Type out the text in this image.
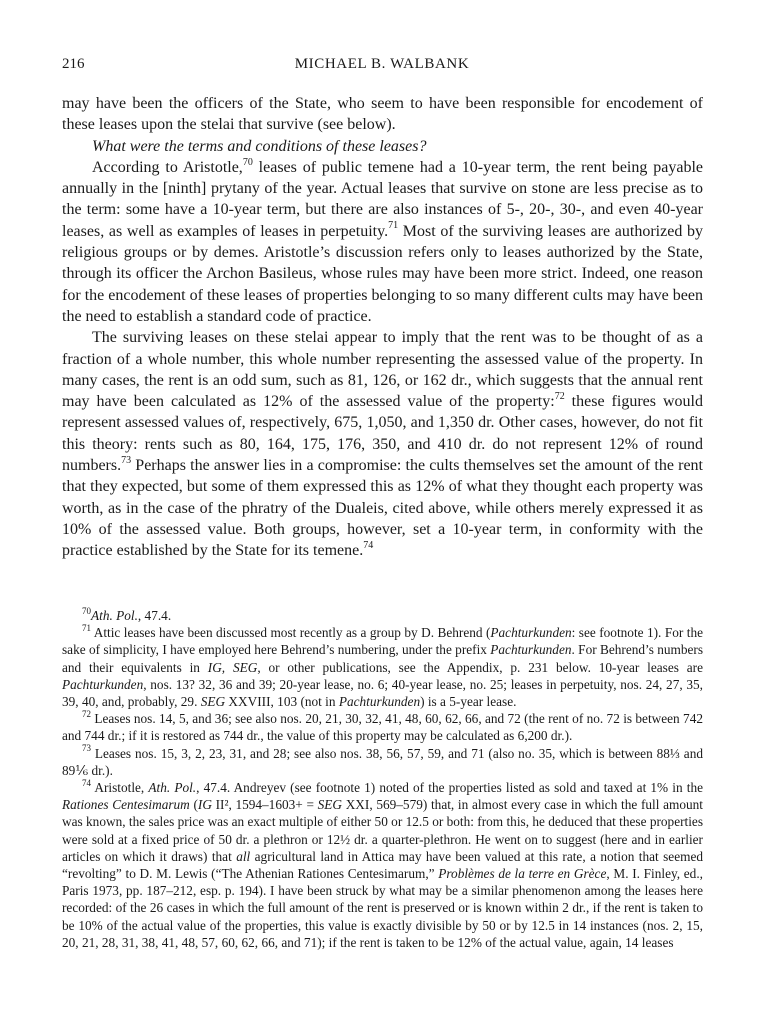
216	MICHAEL B. WALBANK

may have been the officers of the State, who seem to have been responsible for encodement of these leases upon the stelai that survive (see below).

What were the terms and conditions of these leases?

According to Aristotle,$^{70}$ leases of public temene had a 10-year term, the rent being payable annually in the [ninth] prytany of the year. Actual leases that survive on stone are less precise as to the term: some have a 10-year term, but there are also instances of 5-, 20-, 30-, and even 40-year leases, as well as examples of leases in perpetuity.$^{71}$ Most of the surviving leases are authorized by religious groups or by demes. Aristotle’s discussion refers only to leases authorized by the State, through its officer the Archon Basileus, whose rules may have been more strict. Indeed, one reason for the encodement of these leases of properties belonging to so many different cults may have been the need to establish a standard code of practice.

The surviving leases on these stelai appear to imply that the rent was to be thought of as a fraction of a whole number, this whole number representing the assessed value of the property. In many cases, the rent is an odd sum, such as 81, 126, or 162 dr., which suggests that the annual rent may have been calculated as 12% of the assessed value of the property:$^{72}$ these figures would represent assessed values of, respectively, 675, 1,050, and 1,350 dr. Other cases, however, do not fit this theory: rents such as 80, 164, 175, 176, 350, and 410 dr. do not represent 12% of round numbers.$^{73}$ Perhaps the answer lies in a compromise: the cults themselves set the amount of the rent that they expected, but some of them expressed this as 12% of what they thought each property was worth, as in the case of the phratry of the Dualeis, cited above, while others merely expressed it as 10% of the assessed value. Both groups, however, set a 10-year term, in conformity with the practice established by the State for its temene.$^{74}$

$^{70}$Ath. Pol., 47.4.

$^{71}$ Attic leases have been discussed most recently as a group by D. Behrend (Pachturkunden: see footnote 1). For the sake of simplicity, I have employed here Behrend’s numbering, under the prefix Pachturkunden. For Behrend’s numbers and their equivalents in IG, SEG, or other publications, see the Appendix, p. 231 below. 10-year leases are Pachturkunden, nos. 13? 32, 36 and 39; 20-year lease, no. 6; 40-year lease, no. 25; leases in perpetuity, nos. 24, 27, 35, 39, 40, and, probably, 29. SEG XXVIII, 103 (not in Pachturkunden) is a 5-year lease.

$^{72}$ Leases nos. 14, 5, and 36; see also nos. 20, 21, 30, 32, 41, 48, 60, 62, 66, and 72 (the rent of no. 72 is between 742 and 744 dr.; if it is restored as 744 dr., the value of this property may be calculated as 6,200 dr.).

$^{73}$ Leases nos. 15, 3, 2, 23, 31, and 28; see also nos. 38, 56, 57, 59, and 71 (also no. 35, which is between 88⅓ and 89⅙ dr.).

$^{74}$ Aristotle, Ath. Pol., 47.4. Andreyev (see footnote 1) noted of the properties listed as sold and taxed at 1% in the Rationes Centesimarum (IG II², 1594–1603+ = SEG XXI, 569–579) that, in almost every case in which the full amount was known, the sales price was an exact multiple of either 50 or 12.5 or both: from this, he deduced that these properties were sold at a fixed price of 50 dr. a plethron or 12½ dr. a quarter-plethron. He went on to suggest (here and in earlier articles on which it draws) that all agricultural land in Attica may have been valued at this rate, a notion that seemed “revolting” to D. M. Lewis (“The Athenian Rationes Centesimarum,” Problèmes de la terre en Grèce, M. I. Finley, ed., Paris 1973, pp. 187–212, esp. p. 194). I have been struck by what may be a similar phenomenon among the leases here recorded: of the 26 cases in which the full amount of the rent is preserved or is known within 2 dr., if the rent is taken to be 10% of the actual value of the properties, this value is exactly divisible by 50 or by 12.5 in 14 instances (nos. 2, 15, 20, 21, 28, 31, 38, 41, 48, 57, 60, 62, 66, and 71); if the rent is taken to be 12% of the actual value, again, 14 leases
